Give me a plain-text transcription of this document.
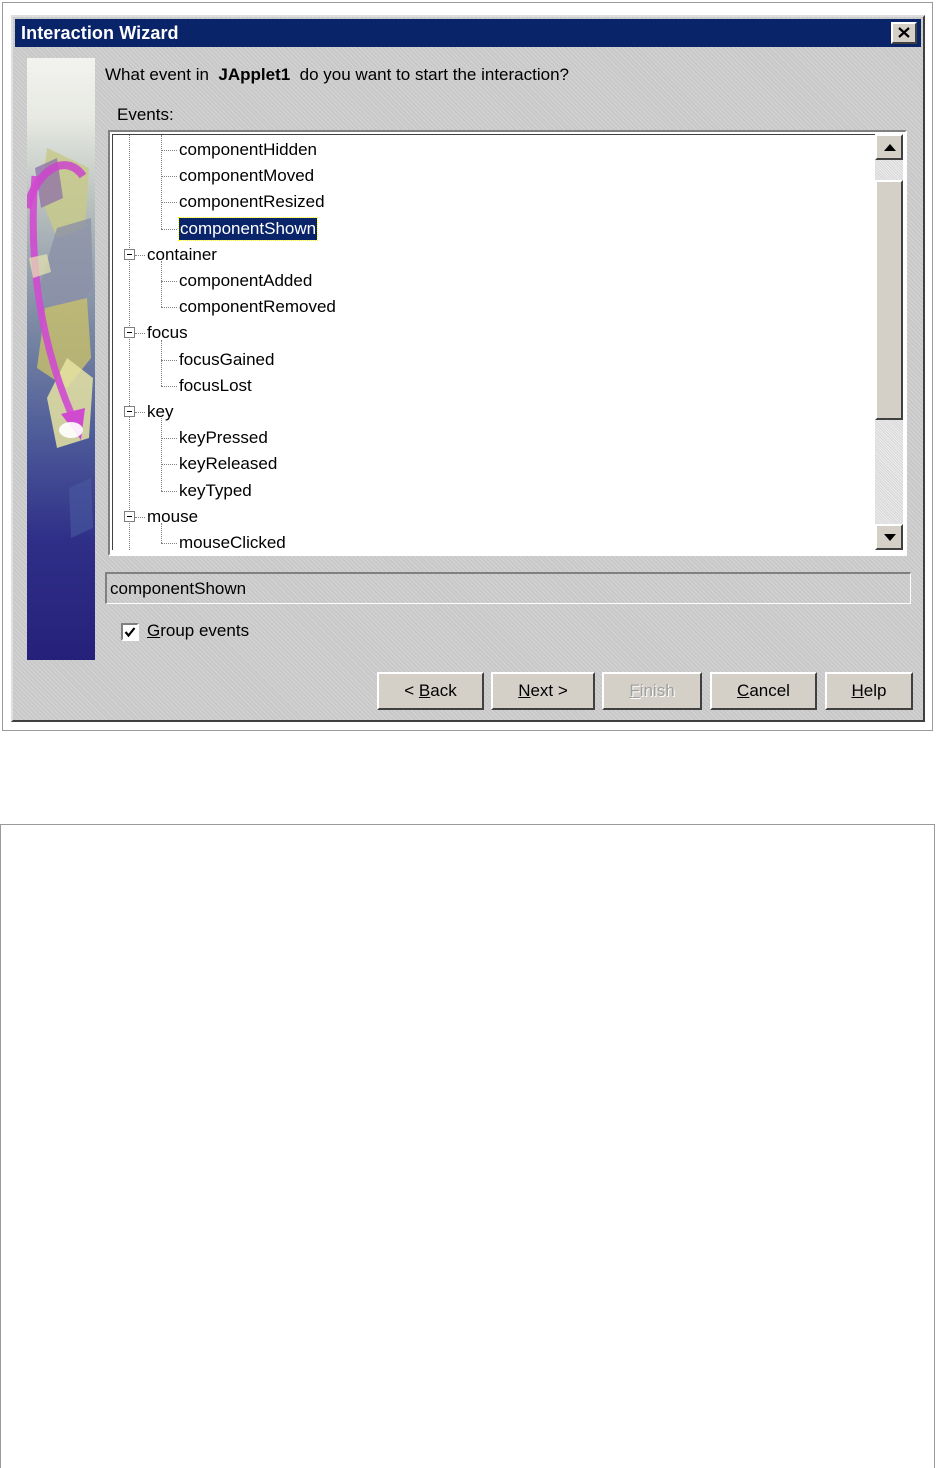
Interaction Wizard
What event in JApplet1 do you want to start the interaction?
Events:
componentHidden
componentMoved
componentResized
componentShown
container
componentAdded
componentRemoved
focus
focusGained
focusLost
key
keyPressed
keyReleased
keyTyped
mouse
mouseClicked
componentShown
Group events
< Back	Next >	Finish	Cancel	Help
